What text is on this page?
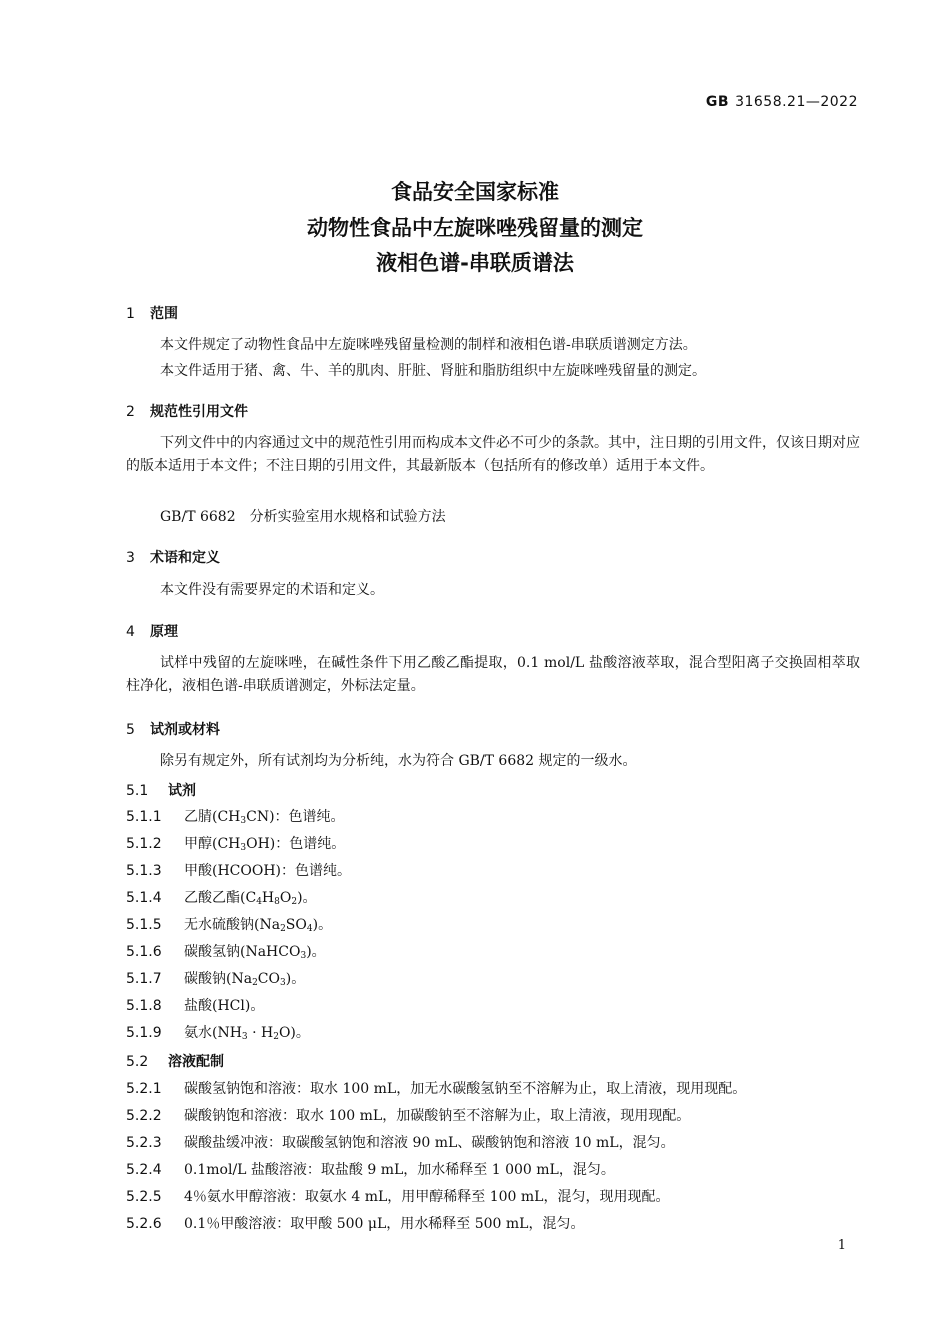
GB 31658.21—2022
食品安全国家标准
动物性食品中左旋咪唑残留量的测定
液相色谱-串联质谱法
1 范围
本文件规定了动物性食品中左旋咪唑残留量检测的制样和液相色谱-串联质谱测定方法。
本文件适用于猪、禽、牛、羊的肌肉、肝脏、肾脏和脂肪组织中左旋咪唑残留量的测定。
2 规范性引用文件
下列文件中的内容通过文中的规范性引用而构成本文件必不可少的条款。其中，注日期的引用文件，仅该日期对应的版本适用于本文件；不注日期的引用文件，其最新版本（包括所有的修改单）适用于本文件。
GB/T 6682　分析实验室用水规格和试验方法
3 术语和定义
本文件没有需要界定的术语和定义。
4 原理
试样中残留的左旋咪唑，在碱性条件下用乙酸乙酯提取，0.1 mol/L 盐酸溶液萃取，混合型阳离子交换固相萃取柱净化，液相色谱-串联质谱测定，外标法定量。
5 试剂或材料
除另有规定外，所有试剂均为分析纯，水为符合 GB/T 6682 规定的一级水。
5.1 试剂
5.1.1 乙腈$(CH_3CN)$：色谱纯。
5.1.2 甲醇$(CH_3OH)$：色谱纯。
5.1.3 甲酸(HCOOH)：色谱纯。
5.1.4 乙酸乙酯$(C_4H_8O_2)$。
5.1.5 无水硫酸钠$(Na_2SO_4)$。
5.1.6 碳酸氢钠(NaHCO$_3$)。
5.1.7 碳酸钠$(Na_2CO_3)$。
5.1.8 盐酸(HCl)。
5.1.9 氨水$(NH_3 \cdot H_2O)$。
5.2 溶液配制
5.2.1 碳酸氢钠饱和溶液：取水 100 mL，加无水碳酸氢钠至不溶解为止，取上清液，现用现配。
5.2.2 碳酸钠饱和溶液：取水 100 mL，加碳酸钠至不溶解为止，取上清液，现用现配。
5.2.3 碳酸盐缓冲液：取碳酸氢钠饱和溶液 90 mL、碳酸钠饱和溶液 10 mL，混匀。
5.2.4 0.1mol/L 盐酸溶液：取盐酸 9 mL，加水稀释至 1 000 mL，混匀。
5.2.5 4％氨水甲醇溶液：取氨水 4 mL，用甲醇稀释至 100 mL，混匀，现用现配。
5.2.6 0.1％甲酸溶液：取甲酸 500 μL，用水稀释至 500 mL，混匀。
1
